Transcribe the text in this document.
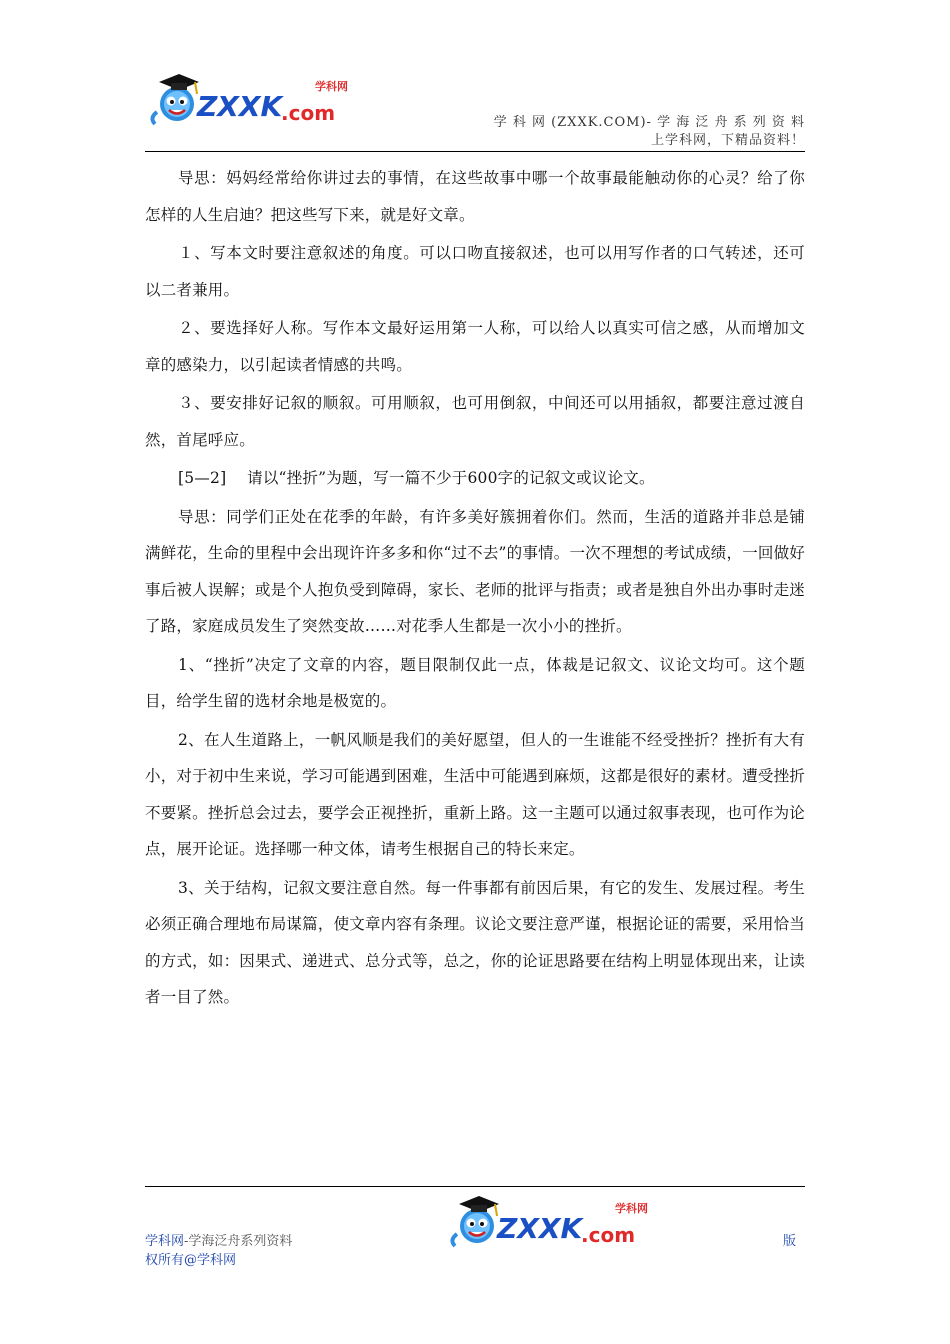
ZXXK
.com
学科网
学 科 网 (ZXXK.COM)- 学 海 泛 舟 系 列 资 料
上学科网，下精品资料！

导思：妈妈经常给你讲过去的事情，在这些故事中哪一个故事最能触动你的心灵？给了你怎样的人生启迪？把这些写下来，就是好文章。

１、写本文时要注意叙述的角度。可以口吻直接叙述，也可以用写作者的口气转述，还可以二者兼用。

２、要选择好人称。写作本文最好运用第一人称，可以给人以真实可信之感，从而增加文章的感染力，以引起读者情感的共鸣。

３、要安排好记叙的顺叙。可用顺叙，也可用倒叙，中间还可以用插叙，都要注意过渡自然，首尾呼应。

[5—2]　 请以“挫折”为题，写一篇不少于600字的记叙文或议论文。

导思：同学们正处在花季的年龄，有许多美好簇拥着你们。然而，生活的道路并非总是铺满鲜花，生命的里程中会出现许许多多和你“过不去”的事情。一次不理想的考试成绩，一回做好事后被人误解；或是个人抱负受到障碍，家长、老师的批评与指责；或者是独自外出办事时走迷了路，家庭成员发生了突然变故……对花季人生都是一次小小的挫折。

1、“挫折”决定了文章的内容，题目限制仅此一点，体裁是记叙文、议论文均可。这个题目，给学生留的选材余地是极宽的。

2、在人生道路上，一帆风顺是我们的美好愿望，但人的一生谁能不经受挫折？挫折有大有小，对于初中生来说，学习可能遇到困难，生活中可能遇到麻烦，这都是很好的素材。遭受挫折不要紧。挫折总会过去，要学会正视挫折，重新上路。这一主题可以通过叙事表现，也可作为论点，展开论证。选择哪一种文体，请考生根据自己的特长来定。

3、关于结构，记叙文要注意自然。每一件事都有前因后果，有它的发生、发展过程。考生必须正确合理地布局谋篇，使文章内容有条理。议论文要注意严谨，根据论证的需要，采用恰当的方式，如：因果式、递进式、总分式等，总之，你的论证思路要在结构上明显体现出来，让读者一目了然。

ZXXK
.com
学科网
学科网-学海泛舟系列资料
权所有@学科网
版
